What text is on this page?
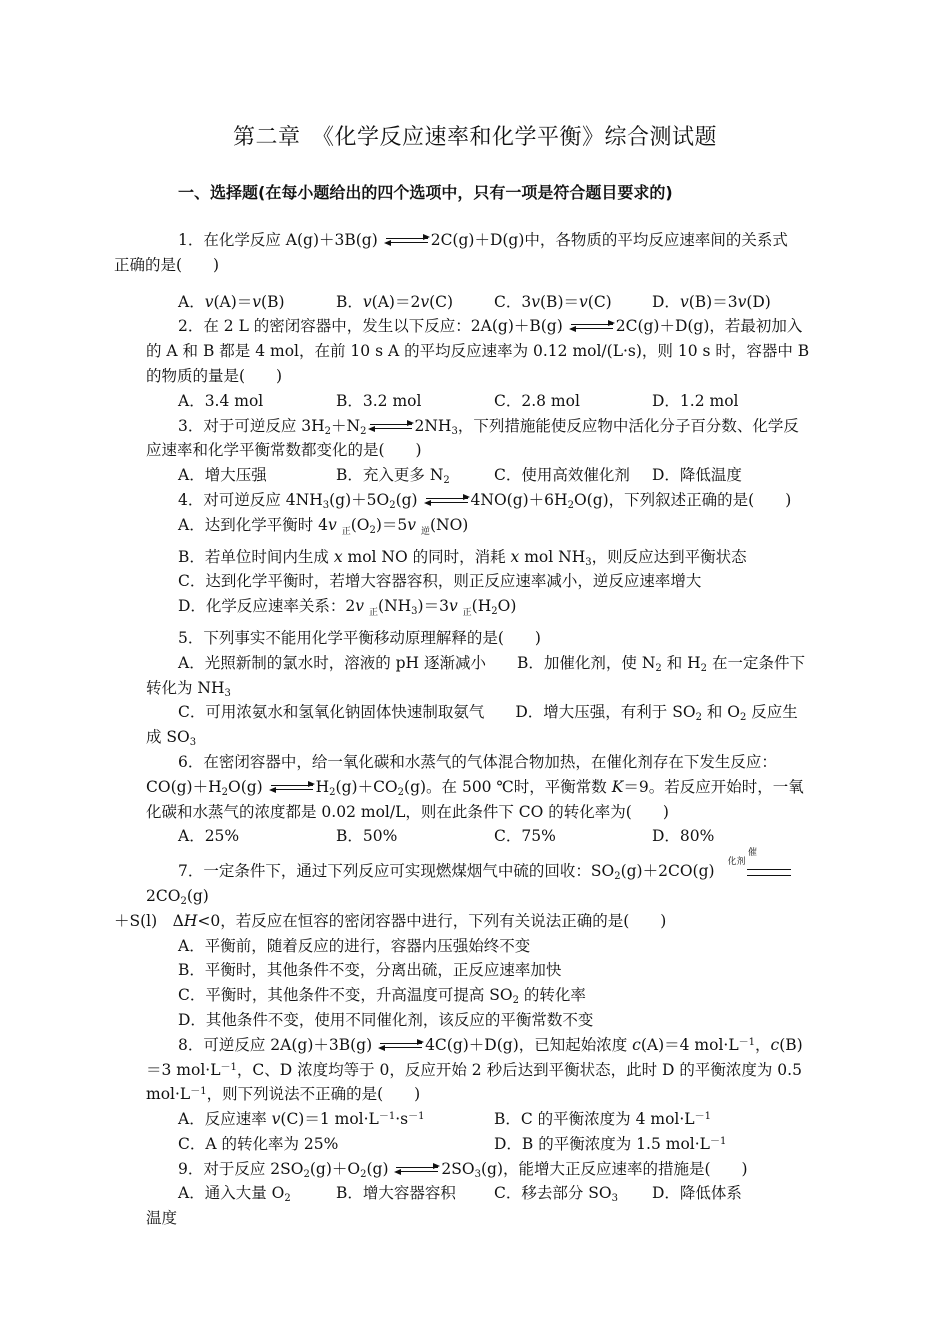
第二章　《化学反应速率和化学平衡》综合测试题
一、选择题(在每小题给出的四个选项中，只有一项是符合题目要求的)

1．在化学反应 A(g)＋3B(g)	2C(g)＋D(g)中，各物质的平均反应速率间的关系式
正确的是(　　)

A．v(A)＝v(B)	B．v(A)＝2v(C)	C．3v(B)＝v(C)	D．v(B)＝3v(D)

2．在 2 L 的密闭容器中，发生以下反应：2A(g)＋B(g)	2C(g)＋D(g)，若最初加入的 A 和 B 都是 4 mol，在前 10 s A 的平均反应速率为 0.12 mol/(L·s)，则 10 s 时，容器中 B 的物质的量是(　　)

A．3.4 mol	B．3.2 mol	C．2.8 mol	D．1.2 mol

3．对于可逆反应 $3H_2+N_2$	$2NH_3$，下列措施能使反应物中活化分子百分数、化学反应速率和化学平衡常数都变化的是(　　)

A．增大压强	B．充入更多 $N_2$	C．使用高效催化剂	D．降低温度

4．对可逆反应 $4NH_3(g)+5O_2(g)$	$4NO(g)+6H_2O(g)$，下列叙述正确的是(　　)

A．达到化学平衡时 4v $_正(O_2)=5v$ $_逆$(NO)

B．若单位时间内生成 x mol NO 的同时，消耗 x mol $NH_3$，则反应达到平衡状态

C．达到化学平衡时，若增大容器容积，则正反应速率减小，逆反应速率增大

D．化学反应速率关系：2v $_正(NH_3)=3v$ $_正(H_2O)$

5．下列事实不能用化学平衡移动原理解释的是(　　)

A．光照新制的氯水时，溶液的 pH 逐渐减小　　B．加催化剂，使 $N_2$ 和 $H_2$ 在一定条件下转化为 $NH_3$

C．可用浓氨水和氢氧化钠固体快速制取氨气　　D．增大压强，有利于 $SO_2$ 和 $O_2$ 反应生成 $SO_3$

6．在密闭容器中，给一氧化碳和水蒸气的气体混合物加热，在催化剂存在下发生反应：$CO(g)+H_2O(g)$	$H_2(g)+CO_2(g)$。在 500 ℃时，平衡常数 K＝9。若反应开始时，一氧化碳和水蒸气的浓度都是 0.02 mol/L，则在此条件下 CO 的转化率为(　　)

A．25%	B．50%	C．75%	D．80%

7．一定条件下，通过下列反应可实现燃煤烟气中硫的回收：$SO_2(g)+2CO(g)$
催化剂
$2CO_2(g)$
＋S(l)　ΔH<0，若反应在恒容的密闭容器中进行，下列有关说法正确的是(　　)

A．平衡前，随着反应的进行，容器内压强始终不变

B．平衡时，其他条件不变，分离出硫，正反应速率加快

C．平衡时，其他条件不变，升高温度可提高 $SO_2$ 的转化率

D．其他条件不变，使用不同催化剂，该反应的平衡常数不变

8．可逆反应 2A(g)＋3B(g)	4C(g)＋D(g)，已知起始浓度 c(A)＝4 $mol\cdot L^{-1}$，c(B)＝3 $mol\cdot L^{-1}$，C、D 浓度均等于 0，反应开始 2 秒后达到平衡状态，此时 D 的平衡浓度为 0.5 $mol\cdot L^{-1}$，则下列说法不正确的是(　　)

A．反应速率 v(C)＝1 $mol\cdot L^{-1}\cdot s^{-1}$	B．C 的平衡浓度为 4 $mol\cdot L^{-1}$
C．A 的转化率为 25%	D．B 的平衡浓度为 1.5 $mol\cdot L^{-1}$

9．对于反应 $2SO_2(g)+O_2(g)$	$2SO_3(g)$，能增大正反应速率的措施是(　　)

A．通入大量 $O_2$	B．增大容器容积	C．移去部分 $SO_3$	D．降低体系

温度
